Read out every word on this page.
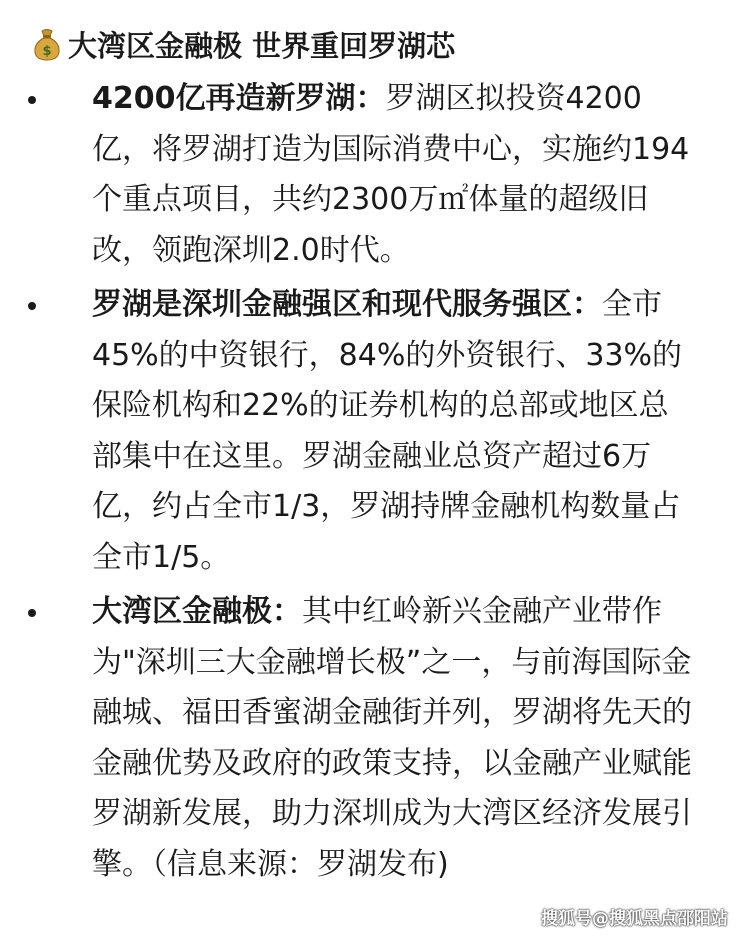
$ 大湾区金融极 世界重回罗湖芯
4200亿再造新罗湖：罗湖区拟投资4200亿，将罗湖打造为国际消费中心，实施约194个重点项目，共约2300万㎡体量的超级旧改，领跑深圳2.0时代。
罗湖是深圳金融强区和现代服务强区：全市45%的中资银行，84%的外资银行、33%的保险机构和22%的证券机构的总部或地区总部集中在这里。罗湖金融业总资产超过6万亿，约占全市1/3，罗湖持牌金融机构数量占全市1/5。
大湾区金融极：其中红岭新兴金融产业带作为"深圳三大金融增长极”之一，与前海国际金融城、福田香蜜湖金融街并列，罗湖将先天的金融优势及政府的政策支持，以金融产业赋能罗湖新发展，助力深圳成为大湾区经济发展引擎。（信息来源：罗湖发布)
搜狐号@搜狐黑点邵阳站
